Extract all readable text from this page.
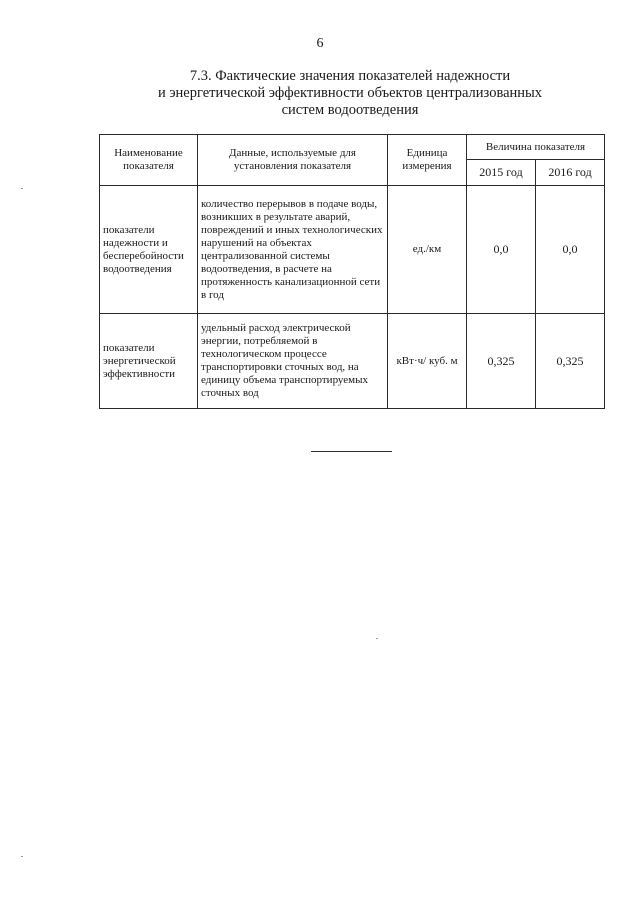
6
7.3. Фактические значения показателей надежности
и энергетической эффективности объектов централизованных
систем водоотведения
Наименование показателя	Данные, используемые для установления показателя	Единица измерения	Величина показателя	
			2015 год	2016 год
показатели надежности и бесперебойности водоотведения	количество перерывов в подаче воды, возникших в результате аварий, повреждений и иных технологических нарушений на объектах централизованной системы водоотведения, в расчете на протяженность канализационной сети в год	ед./км	0,0	0,0
показатели энергетической эффективности	удельный расход электрической энергии, потребляемой в технологическом процессе транспортировки сточных вод, на единицу объема транспортируемых сточных вод	кВт·ч/ куб. м	0,325	0,325
